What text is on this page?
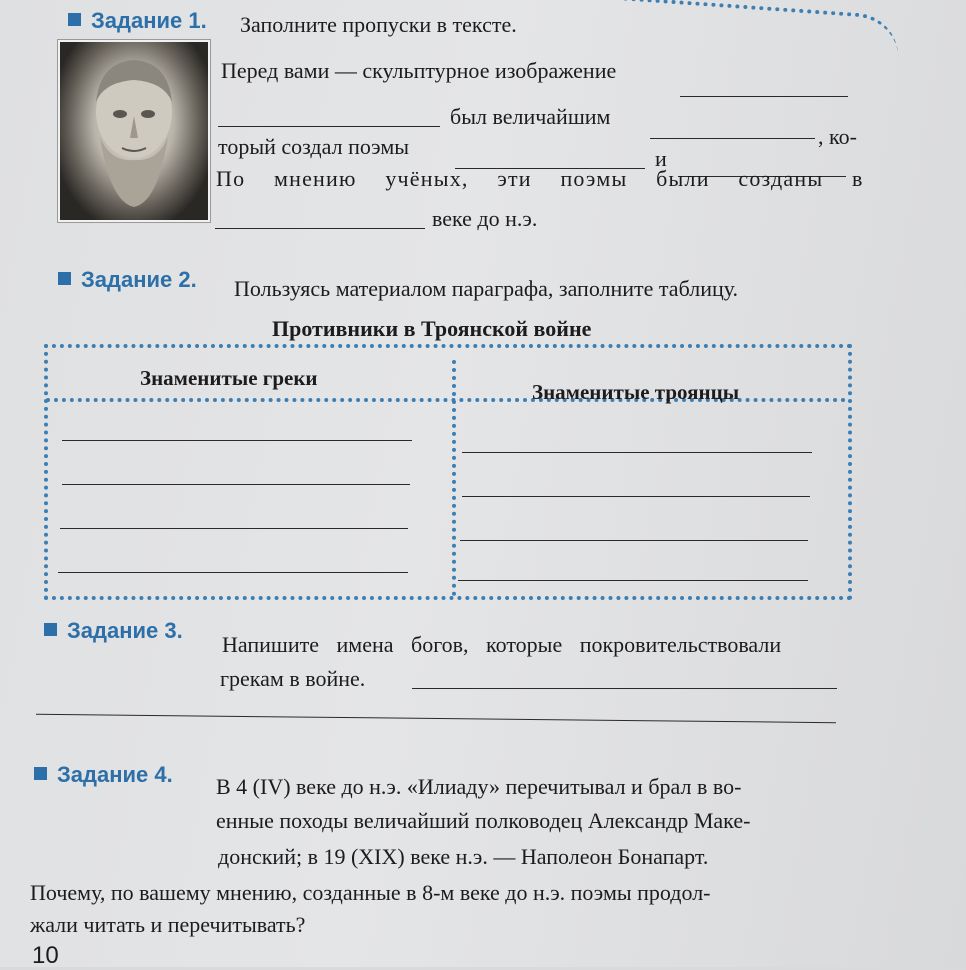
Задание 1. Заполните пропуски в тексте.
Перед вами — скульптурное изображение
был величайшим
, ко-
торый создал поэмы	и
По мнению учёных, эти поэмы были созданы в
веке до н.э.
Задание 2. Пользуясь материалом параграфа, заполните таблицу.
Противники в Троянской войне
Знаменитые греки
Знаменитые троянцы
Задание 3.
Напишите имена богов, которые покровительствовали
грекам в войне.
Задание 4. В 4 (IV) веке до н.э. «Илиаду» перечитывал и брал в во-
енные походы величайший полководец Александр Маке-
донский; в 19 (XIX) веке н.э. — Наполеон Бонапарт.
Почему, по вашему мнению, созданные в 8-м веке до н.э. поэмы продол-
жали читать и перечитывать?
10
